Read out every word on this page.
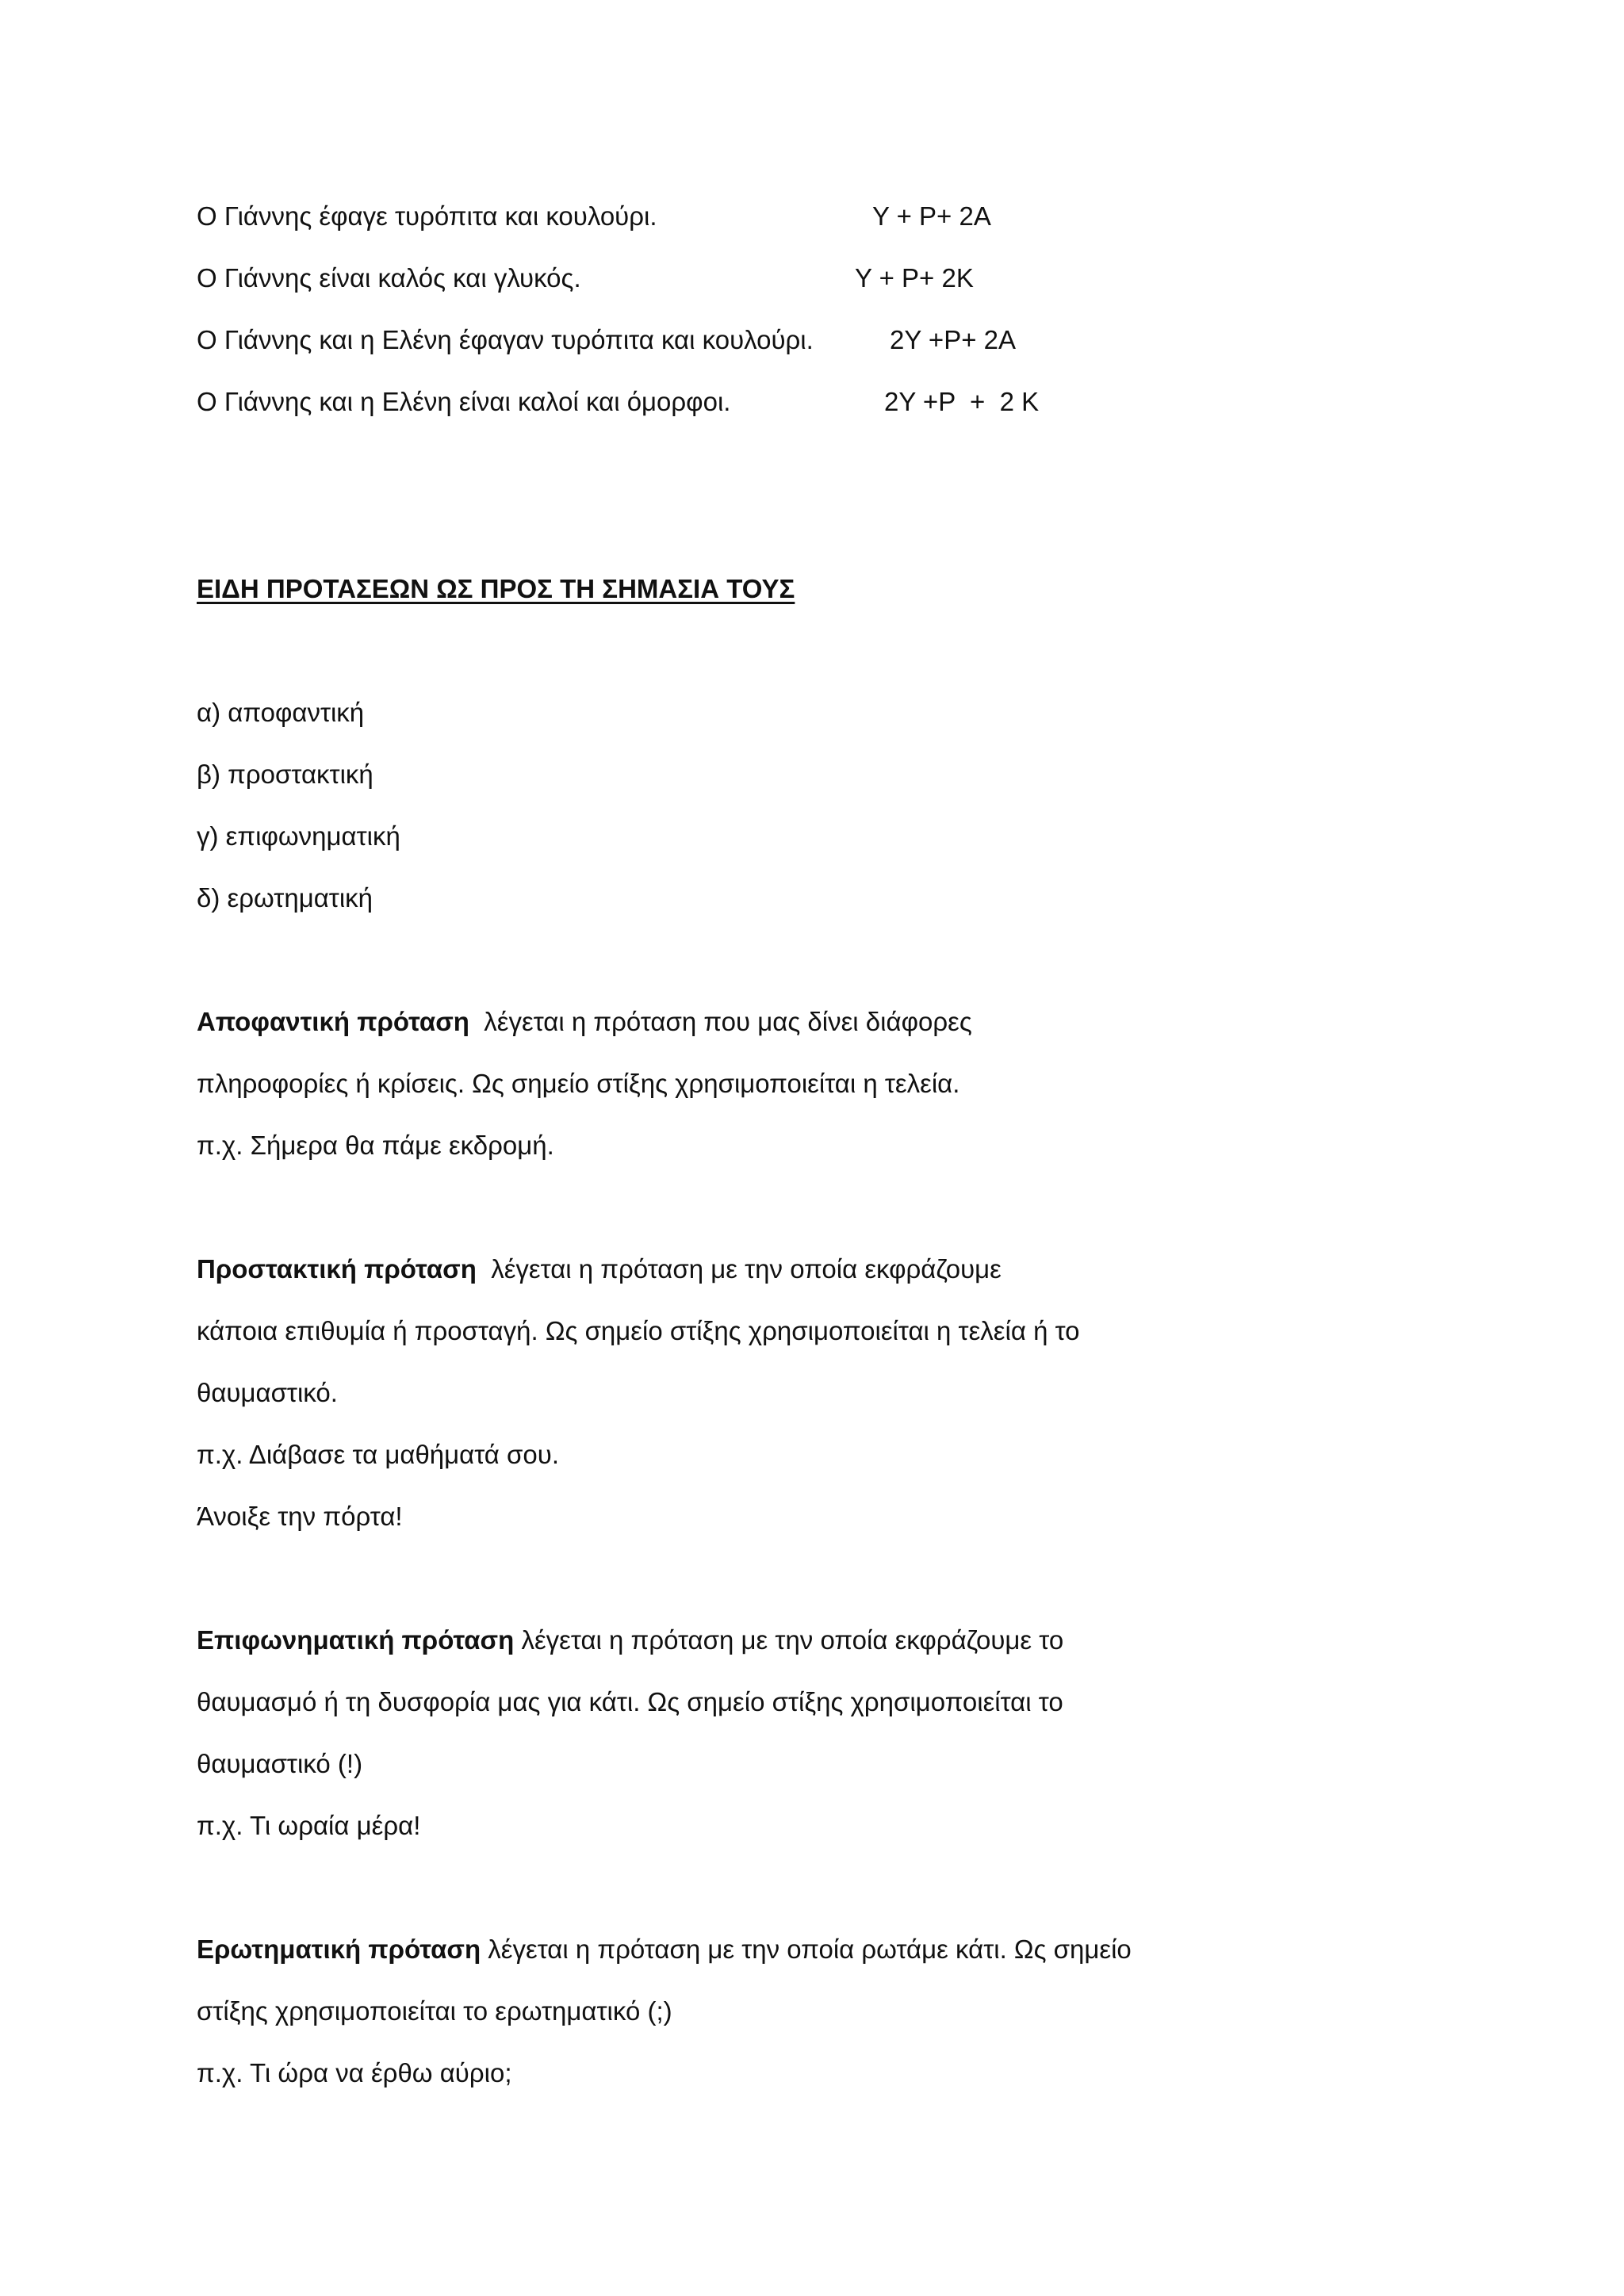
Ο Γιάννης έφαγε τυρόπιτα και κουλούρι.	Υ + Ρ+ 2Α
Ο Γιάννης είναι καλός και γλυκός.	Υ + Ρ+ 2Κ
Ο Γιάννης και η Ελένη έφαγαν τυρόπιτα και κουλούρι.	2Υ +Ρ+ 2Α
Ο Γιάννης και η Ελένη είναι καλοί και όμορφοι.	2Υ +Ρ  +  2 Κ
ΕΙΔΗ ΠΡΟΤΑΣΕΩΝ ΩΣ ΠΡΟΣ ΤΗ ΣΗΜΑΣΙΑ ΤΟΥΣ
α) αποφαντική
β) προστακτική
γ) επιφωνηματική
δ) ερωτηματική
Αποφαντική πρόταση  λέγεται η πρόταση που μας δίνει διάφορες
πληροφορίες ή κρίσεις. Ως σημείο στίξης χρησιμοποιείται η τελεία.
π.χ. Σήμερα θα πάμε εκδρομή.
Προστακτική πρόταση  λέγεται η πρόταση με την οποία εκφράζουμε
κάποια επιθυμία ή προσταγή. Ως σημείο στίξης χρησιμοποιείται η τελεία ή το
θαυμαστικό.
π.χ. Διάβασε τα μαθήματά σου.
Άνοιξε την πόρτα!
Επιφωνηματική πρόταση λέγεται η πρόταση με την οποία εκφράζουμε το
θαυμασμό ή τη δυσφορία μας για κάτι. Ως σημείο στίξης χρησιμοποιείται το
θαυμαστικό (!)
π.χ. Τι ωραία μέρα!
Ερωτηματική πρόταση λέγεται η πρόταση με την οποία ρωτάμε κάτι. Ως σημείο
στίξης χρησιμοποιείται το ερωτηματικό (;)
π.χ. Τι ώρα να έρθω αύριο;
